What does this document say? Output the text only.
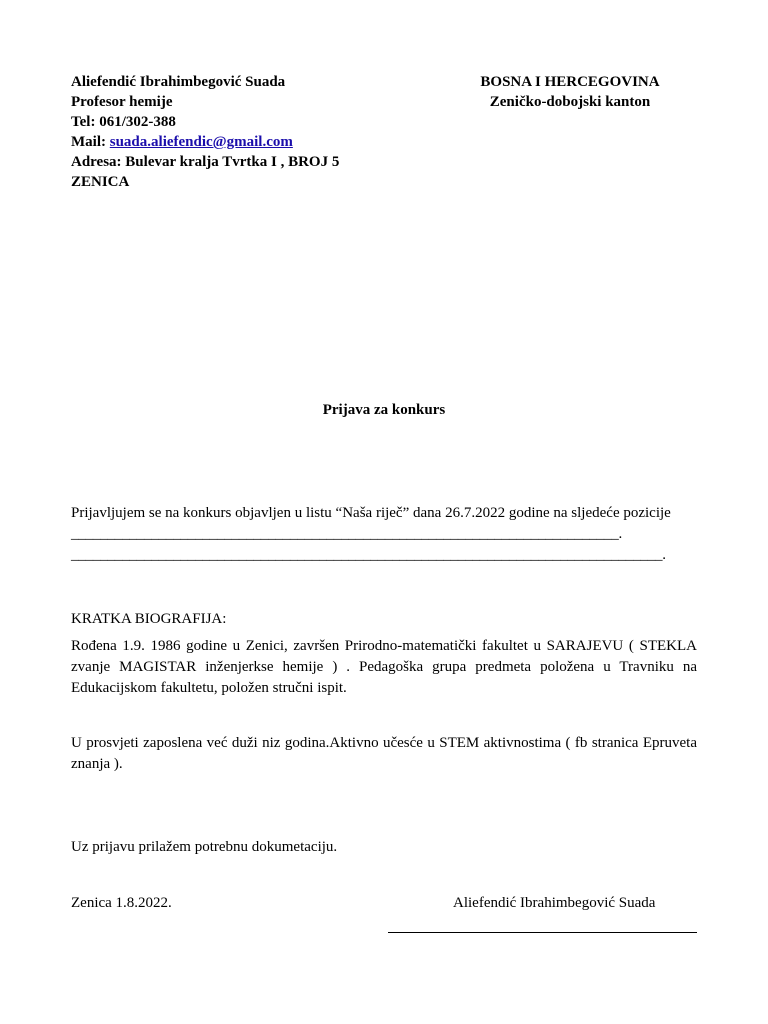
Aliefendić Ibrahimbegović Suada
Profesor hemije
Tel: 061/302-388
Mail: suada.aliefendic@gmail.com
Adresa: Bulevar kralja Tvrtka I , BROJ 5
ZENICA
BOSNA I HERCEGOVINA
Zeničko-dobojski kanton
Prijava za konkurs
Prijavljujem se na konkurs objavljen u listu “Naša riječ” dana 26.7.2022 godine na sljedeće pozicije
___________________________________________________________________________.
_________________________________________________________________________________.
KRATKA BIOGRAFIJA:
Rođena 1.9. 1986 godine u Zenici, završen Prirodno-matematički fakultet u SARAJEVU ( STEKLA zvanje MAGISTAR inženjerkse hemije ) . Pedagoška grupa predmeta položena u Travniku na Edukacijskom fakultetu, položen stručni ispit.
U prosvjeti zaposlena već duži niz godina.Aktivno učesće u STEM aktivnostima ( fb stranica Epruveta znanja ).
Uz prijavu prilažem potrebnu dokumetaciju.
Zenica 1.8.2022.	Aliefendić Ibrahimbegović Suada
